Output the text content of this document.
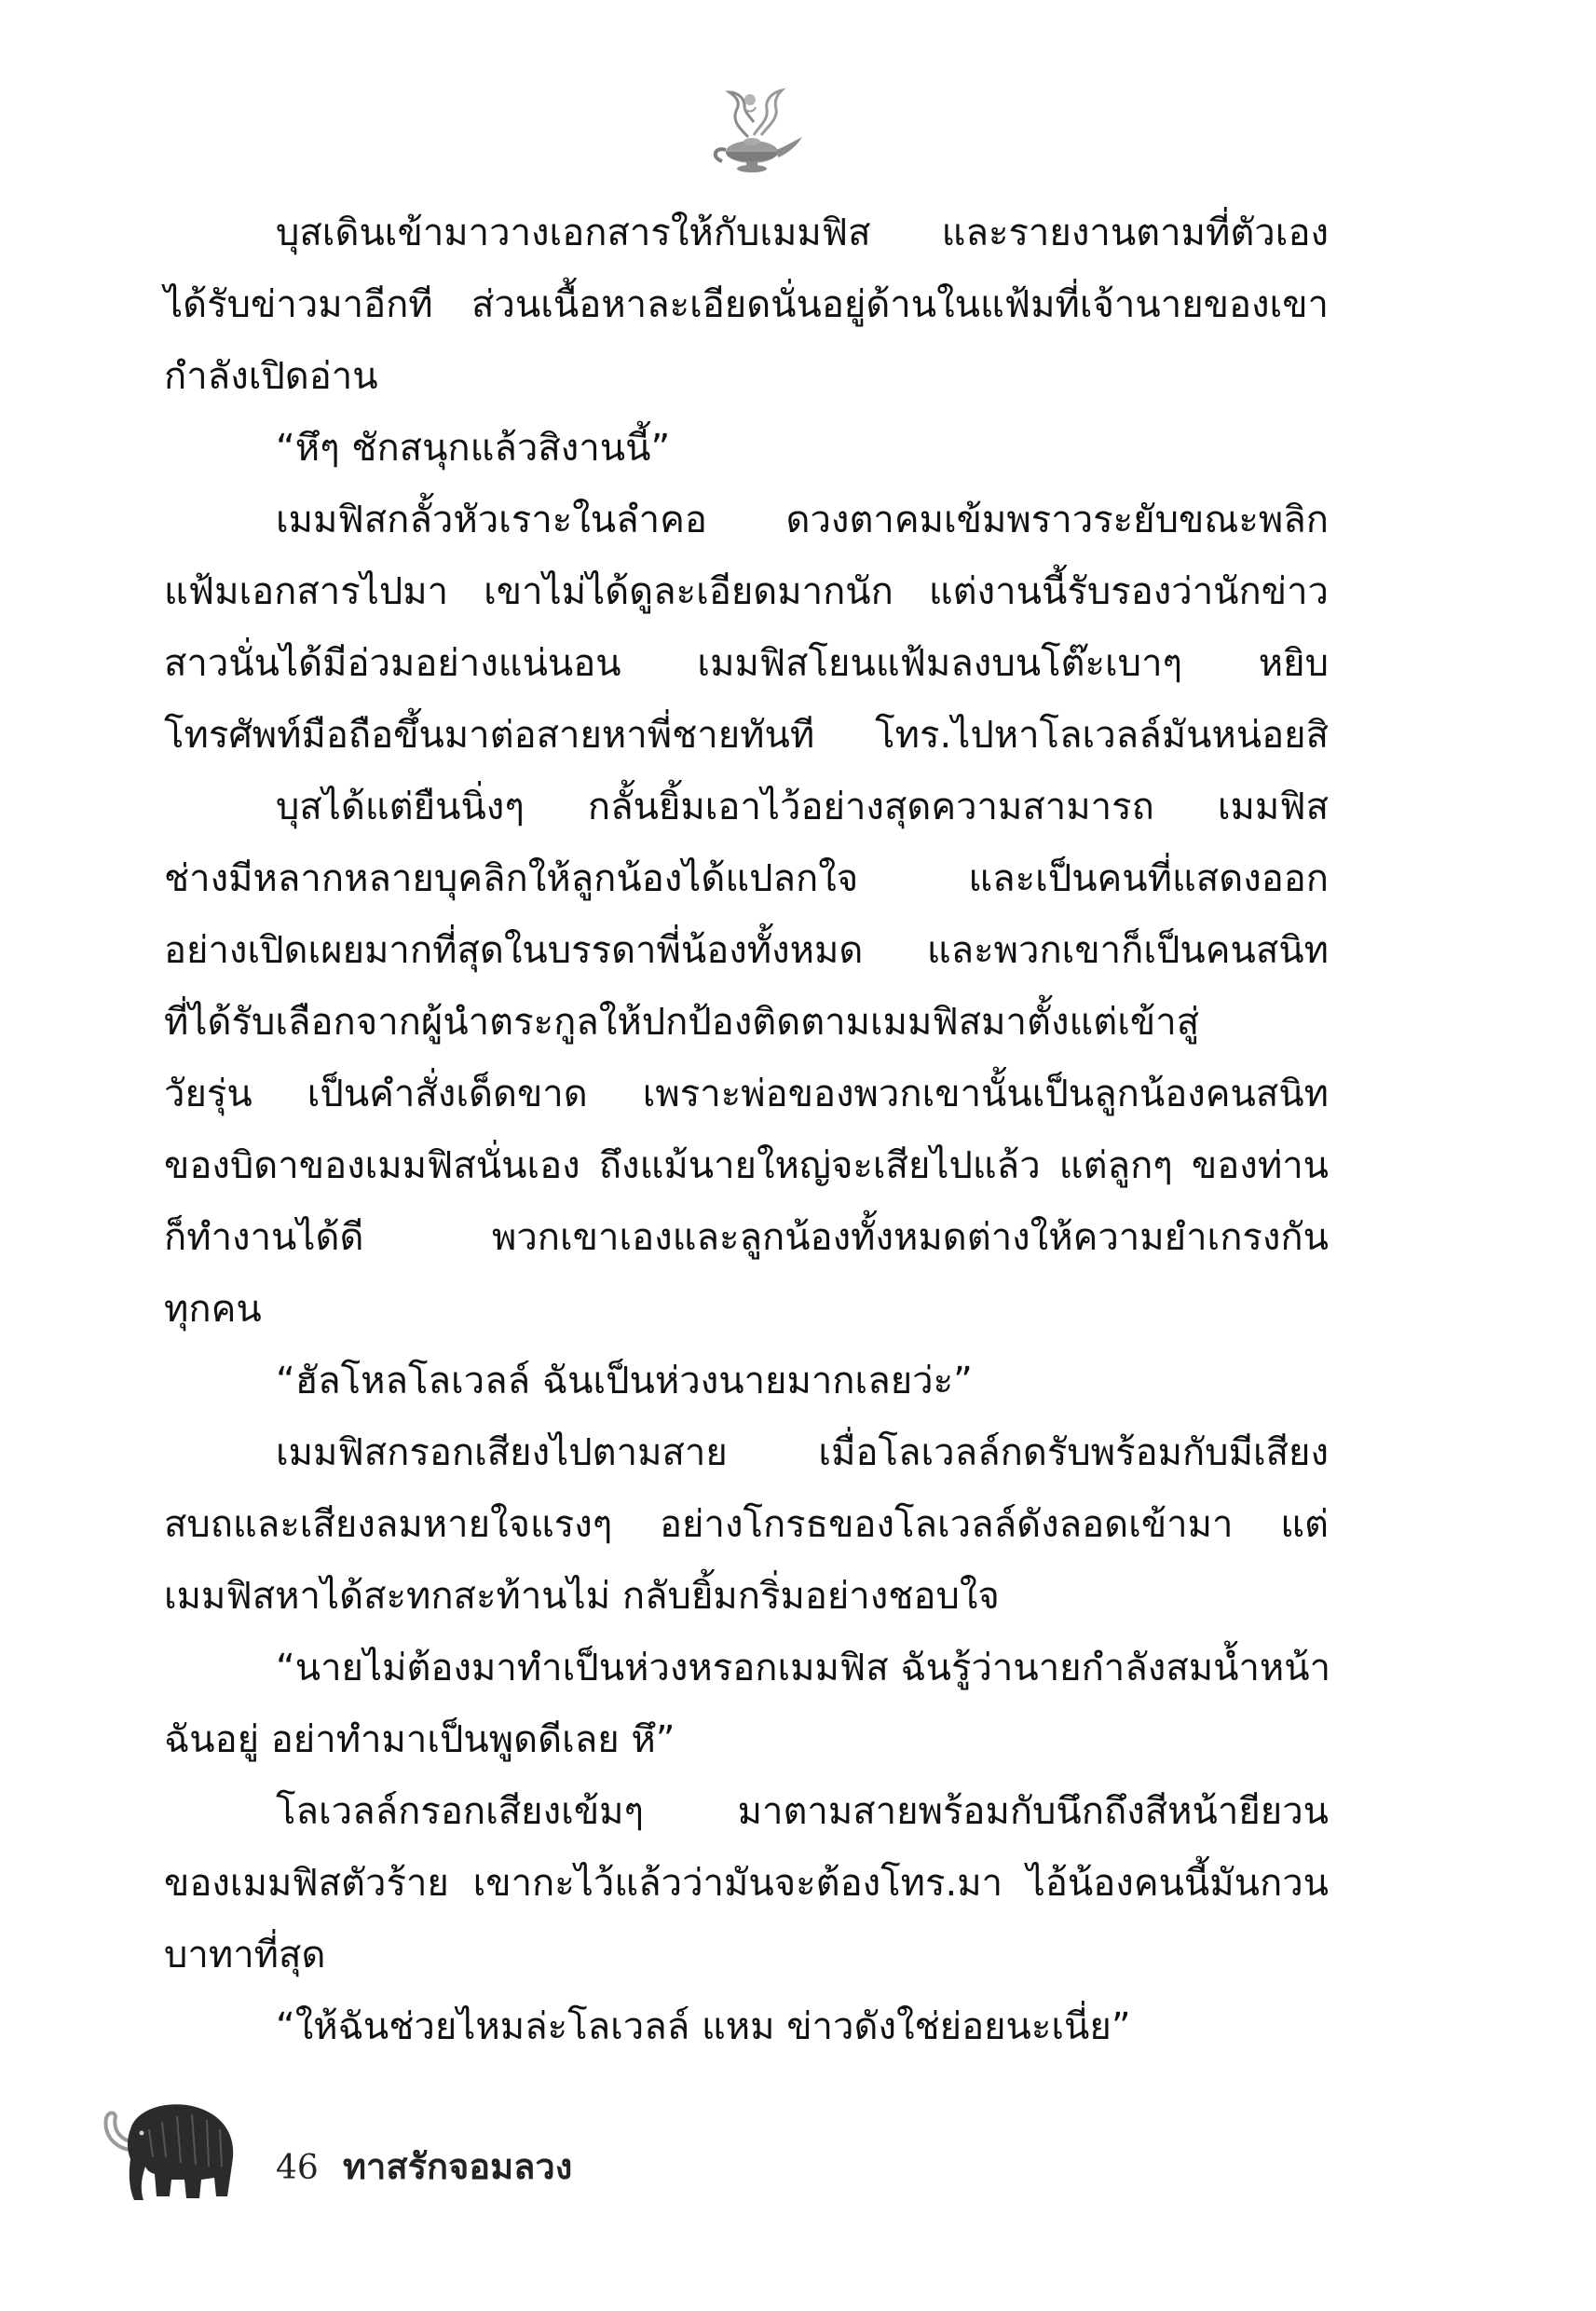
บุสเดินเข้ามาวางเอกสารให้กับเมมฟิส และรายงานตามที่ตัวเอง
ได้รับข่าวมาอีกที ส่วนเนื้อหาละเอียดนั่นอยู่ด้านในแฟ้มที่เจ้านายของเขา
กำลังเปิดอ่าน
“หึๆ ชักสนุกแล้วสิงานนี้”
เมมฟิสกลั้วหัวเราะในลำคอ ดวงตาคมเข้มพราวระยับขณะพลิก
แฟ้มเอกสารไปมา เขาไม่ได้ดูละเอียดมากนัก แต่งานนี้รับรองว่านักข่าว
สาวนั่นได้มีอ่วมอย่างแน่นอน เมมฟิสโยนแฟ้มลงบนโต๊ะเบาๆ หยิบ
โทรศัพท์มือถือขึ้นมาต่อสายหาพี่ชายทันที โทร.ไปหาโลเวลล์มันหน่อยสิ
บุสได้แต่ยืนนิ่งๆ กลั้นยิ้มเอาไว้อย่างสุดความสามารถ เมมฟิส
ช่างมีหลากหลายบุคลิกให้ลูกน้องได้แปลกใจ และเป็นคนที่แสดงออก
อย่างเปิดเผยมากที่สุดในบรรดาพี่น้องทั้งหมด และพวกเขาก็เป็นคนสนิท
ที่ได้รับเลือกจากผู้นำตระกูลให้ปกป้องติดตามเมมฟิสมาตั้งแต่เข้าสู่
วัยรุ่น เป็นคำสั่งเด็ดขาด เพราะพ่อของพวกเขานั้นเป็นลูกน้องคนสนิท
ของบิดาของเมมฟิสนั่นเอง ถึงแม้นายใหญ่จะเสียไปแล้ว แต่ลูกๆ ของท่าน
ก็ทำงานได้ดี พวกเขาเองและลูกน้องทั้งหมดต่างให้ความยำเกรงกัน
ทุกคน
“ฮัลโหลโลเวลล์ ฉันเป็นห่วงนายมากเลยว่ะ”
เมมฟิสกรอกเสียงไปตามสาย เมื่อโลเวลล์กดรับพร้อมกับมีเสียง
สบถและเสียงลมหายใจแรงๆ อย่างโกรธของโลเวลล์ดังลอดเข้ามา แต่
เมมฟิสหาได้สะทกสะท้านไม่ กลับยิ้มกริ่มอย่างชอบใจ
“นายไม่ต้องมาทำเป็นห่วงหรอกเมมฟิส ฉันรู้ว่านายกำลังสมน้ำหน้า
ฉันอยู่ อย่าทำมาเป็นพูดดีเลย หึ”
โลเวลล์กรอกเสียงเข้มๆ มาตามสายพร้อมกับนึกถึงสีหน้ายียวน
ของเมมฟิสตัวร้าย เขากะไว้แล้วว่ามันจะต้องโทร.มา ไอ้น้องคนนี้มันกวน
บาทาที่สุด
“ให้ฉันช่วยไหมล่ะโลเวลล์ แหม ข่าวดังใช่ย่อยนะเนี่ย”
46 ทาสรักจอมลวง
